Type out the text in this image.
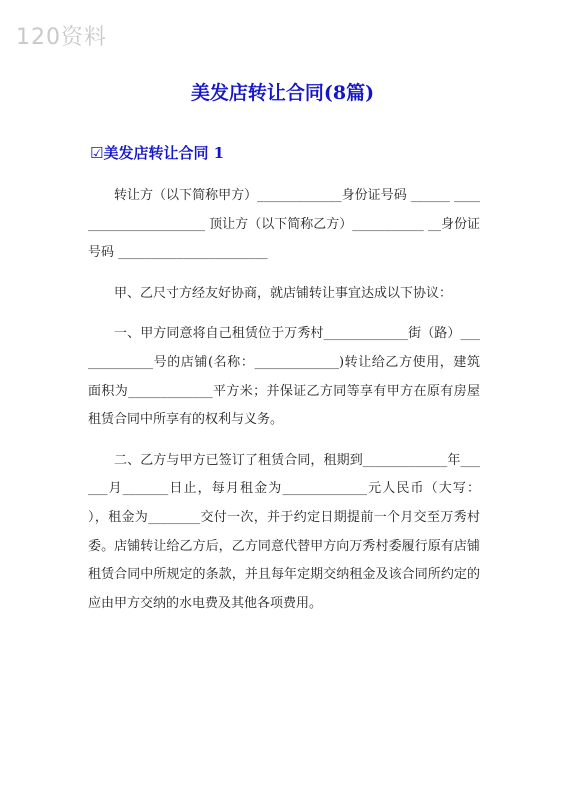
120资料
美发店转让合同(8篇)
☑美发店转让合同 1

转让方（以下简称甲方）_____________身份证号码 ______ ______________________ 顶让方（以下简称乙方）___________ __身份证号码 _______________________

甲、乙尺寸方经友好协商，就店铺转让事宜达成以下协议：

一、甲方同意将自己租赁位于万秀村_____________街（路）_____________号的店铺(名称：_____________)转让给乙方使用，建筑面积为_____________平方米；并保证乙方同等享有甲方在原有房屋租赁合同中所享有的权利与义务。

二、乙方与甲方已签订了租赁合同，租期到_____________年______月_______日止，每月租金为_____________元人民币（大写： ），租金为________交付一次，并于约定日期提前一个月交至万秀村委。店铺转让给乙方后，乙方同意代替甲方向万秀村委履行原有店铺租赁合同中所规定的条款，并且每年定期交纳租金及该合同所约定的应由甲方交纳的水电费及其他各项费用。
